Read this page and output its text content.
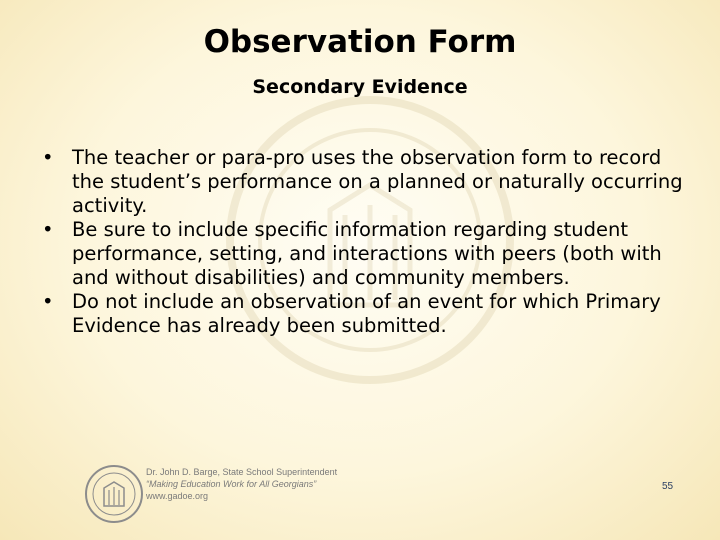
Observation Form
Secondary Evidence
• The teacher or para-pro uses the observation form to record the student’s performance on a planned or naturally occurring activity.
• Be sure to include specific information regarding student performance, setting, and interactions with peers (both with and without disabilities) and community members.
• Do not include an observation of an event for which Primary Evidence has already been submitted.
Dr. John D. Barge, State School Superintendent
“Making Education Work for All Georgians”
www.gadoe.org
55
